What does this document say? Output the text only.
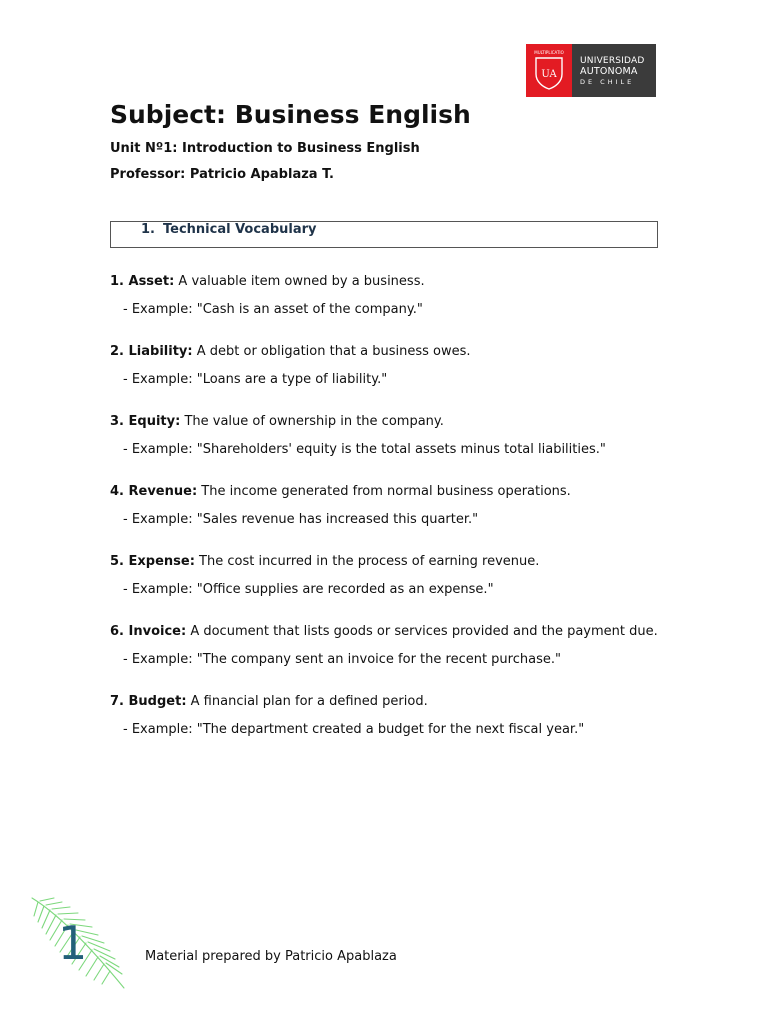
MULTIPLICATIO
UA
UNIVERSIDAD
AUTONOMA
DE CHILE
Subject: Business English
Unit Nº1: Introduction to Business English
Professor: Patricio Apablaza T.
1. Technical Vocabulary

1. Asset: A valuable item owned by a business.

- Example: "Cash is an asset of the company."

2. Liability: A debt or obligation that a business owes.

- Example: "Loans are a type of liability."

3. Equity: The value of ownership in the company.

- Example: "Shareholders' equity is the total assets minus total liabilities."

4. Revenue: The income generated from normal business operations.

- Example: "Sales revenue has increased this quarter."

5. Expense: The cost incurred in the process of earning revenue.

- Example: "Office supplies are recorded as an expense."

6. Invoice: A document that lists goods or services provided and the payment due.

- Example: "The company sent an invoice for the recent purchase."

7. Budget: A financial plan for a defined period.

- Example: "The department created a budget for the next fiscal year."

1	Material prepared by Patricio Apablaza
